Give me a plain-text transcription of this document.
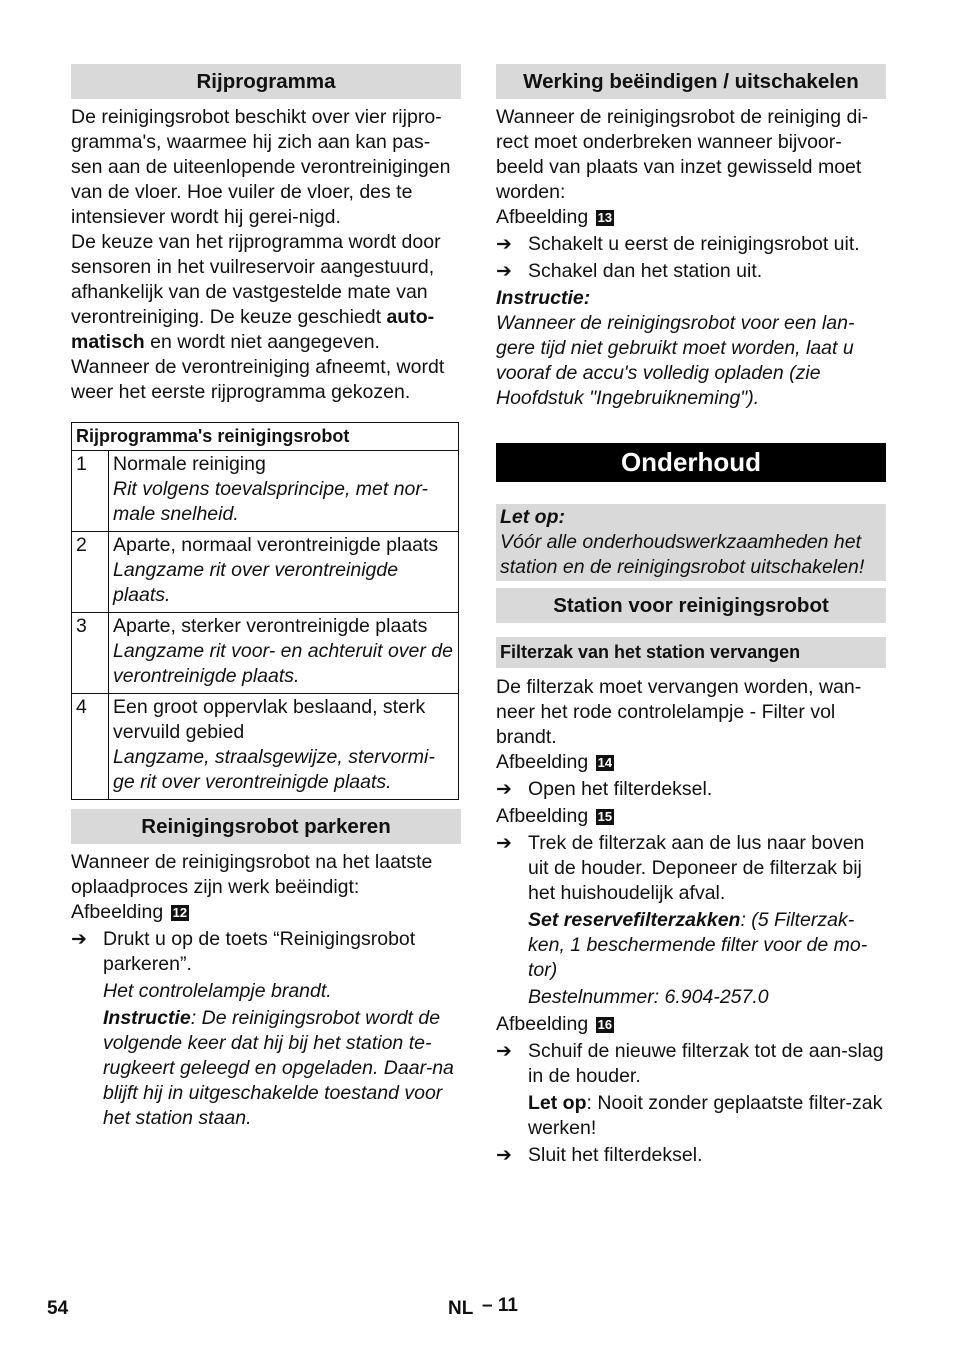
Rijprogramma

De reinigingsrobot beschikt over vier rijpro-gramma's, waarmee hij zich aan kan pas-sen aan de uiteenlopende verontreinigingen van de vloer. Hoe vuiler de vloer, des te intensiever wordt hij gerei-nigd.

De keuze van het rijprogramma wordt door sensoren in het vuilreservoir aangestuurd, afhankelijk van de vastgestelde mate van verontreiniging. De keuze geschiedt auto-matisch en wordt niet aangegeven.

Wanneer de verontreiniging afneemt, wordt weer het eerste rijprogramma gekozen.

Rijprogramma's reinigingsrobot	
1	Normale reiniging
Rit volgens toevalsprincipe, met nor-male snelheid.

2	Aparte, normaal verontreinigde plaats
Langzame rit over verontreinigde plaats.

3	Aparte, sterker verontreinigde plaats
Langzame rit voor- en achteruit over de verontreinigde plaats.

4	Een groot oppervlak beslaand, sterk vervuild gebied
Langzame, straalsgewijze, stervormi-ge rit over verontreinigde plaats.
Reinigingsrobot parkeren

Wanneer de reinigingsrobot na het laatste oplaadproces zijn werk beëindigt:

Afbeelding 12

➔ Drukt u op de toets “Reinigingsrobot parkeren”.

Het controlelampje brandt.

Instructie: De reinigingsrobot wordt de volgende keer dat hij bij het station te-rugkeert geleegd en opgeladen. Daar-na blijft hij in uitgeschakelde toestand voor het station staan.

Werking beëindigen / uitschakelen

Wanneer de reinigingsrobot de reiniging di-rect moet onderbreken wanneer bijvoor-beeld van plaats van inzet gewisseld moet worden:

Afbeelding 13

➔ Schakelt u eerst de reinigingsrobot uit.
➔ Schakel dan het station uit.

Instructie:

Wanneer de reinigingsrobot voor een lan-gere tijd niet gebruikt moet worden, laat u vooraf de accu's volledig opladen (zie Hoofdstuk "Ingebruikneming").

Onderhoud

Let op:

Vóór alle onderhoudswerkzaamheden het station en de reinigingsrobot uitschakelen!

Station voor reinigingsrobot
Filterzak van het station vervangen

De filterzak moet vervangen worden, wan-neer het rode controlelampje - Filter vol brandt.

Afbeelding 14

➔ Open het filterdeksel.

Afbeelding 15

➔ Trek de filterzak aan de lus naar boven uit de houder. Deponeer de filterzak bij het huishoudelijk afval.

Set reservefilterzakken: (5 Filterzak-ken, 1 beschermende filter voor de mo-tor)

Bestelnummer: 6.904-257.0

Afbeelding 16

➔ Schuif de nieuwe filterzak tot de aan-slag in de houder.

Let op: Nooit zonder geplaatste filter-zak werken!

➔ Sluit het filterdeksel.
54	NL – 11
